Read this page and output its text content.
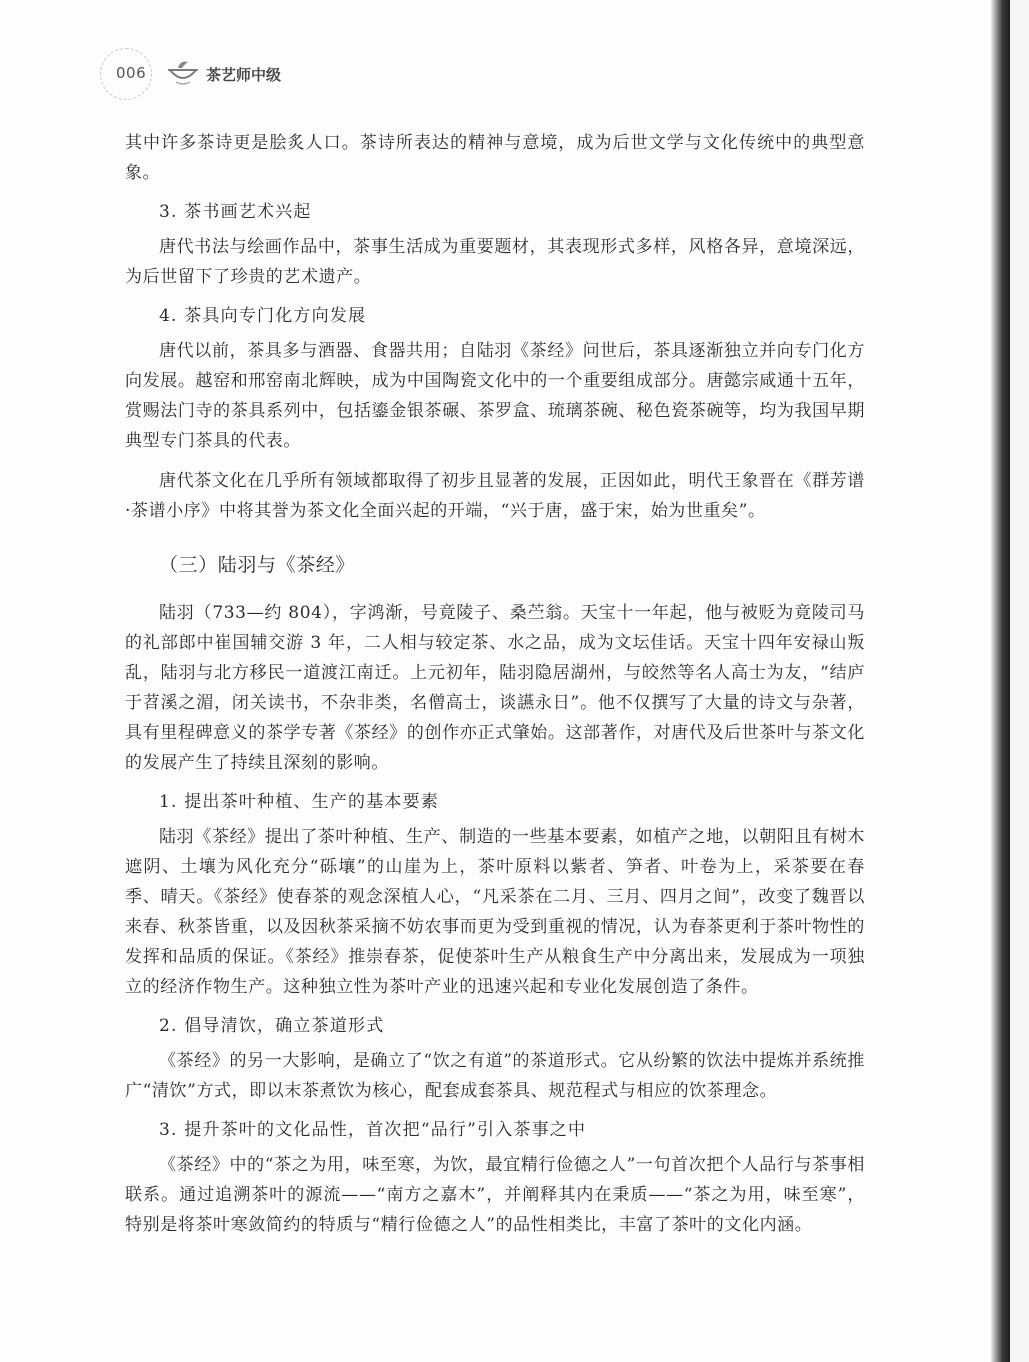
006	茶艺师中级

其中许多茶诗更是脍炙人口。茶诗所表达的精神与意境，成为后世文学与文化传统中的典型意象。

3. 茶书画艺术兴起

唐代书法与绘画作品中，茶事生活成为重要题材，其表现形式多样，风格各异，意境深远，为后世留下了珍贵的艺术遗产。

4. 茶具向专门化方向发展

唐代以前，茶具多与酒器、食器共用；自陆羽《茶经》问世后，茶具逐渐独立并向专门化方向发展。越窑和邢窑南北辉映，成为中国陶瓷文化中的一个重要组成部分。唐懿宗咸通十五年，赏赐法门寺的茶具系列中，包括鎏金银茶碾、茶罗盒、琉璃茶碗、秘色瓷茶碗等，均为我国早期典型专门茶具的代表。

唐代茶文化在几乎所有领域都取得了初步且显著的发展，正因如此，明代王象晋在《群芳谱·茶谱小序》中将其誉为茶文化全面兴起的开端，“兴于唐，盛于宋，始为世重矣”。

（三）陆羽与《茶经》

陆羽（733—约 804），字鸿渐，号竟陵子、桑苎翁。天宝十一年起，他与被贬为竟陵司马的礼部郎中崔国辅交游 3 年，二人相与较定茶、水之品，成为文坛佳话。天宝十四年安禄山叛乱，陆羽与北方移民一道渡江南迁。上元初年，陆羽隐居湖州，与皎然等名人高士为友，“结庐于苕溪之湄，闭关读书，不杂非类，名僧高士，谈讌永日”。他不仅撰写了大量的诗文与杂著，具有里程碑意义的茶学专著《茶经》的创作亦正式肇始。这部著作，对唐代及后世茶叶与茶文化的发展产生了持续且深刻的影响。

1. 提出茶叶种植、生产的基本要素

陆羽《茶经》提出了茶叶种植、生产、制造的一些基本要素，如植产之地，以朝阳且有树木遮阴、土壤为风化充分“砾壤”的山崖为上，茶叶原料以紫者、笋者、叶卷为上，采茶要在春季、晴天。《茶经》使春茶的观念深植人心，“凡采茶在二月、三月、四月之间”，改变了魏晋以来春、秋茶皆重，以及因秋茶采摘不妨农事而更为受到重视的情况，认为春茶更利于茶叶物性的发挥和品质的保证。《茶经》推崇春茶，促使茶叶生产从粮食生产中分离出来，发展成为一项独立的经济作物生产。这种独立性为茶叶产业的迅速兴起和专业化发展创造了条件。

2. 倡导清饮，确立茶道形式

《茶经》的另一大影响，是确立了“饮之有道”的茶道形式。它从纷繁的饮法中提炼并系统推广“清饮”方式，即以末茶煮饮为核心，配套成套茶具、规范程式与相应的饮茶理念。

3. 提升茶叶的文化品性，首次把“品行”引入茶事之中

《茶经》中的“茶之为用，味至寒，为饮，最宜精行俭德之人”一句首次把个人品行与茶事相联系。通过追溯茶叶的源流——“南方之嘉木”，并阐释其内在秉质——“茶之为用，味至寒”，特别是将茶叶寒敛简约的特质与“精行俭德之人”的品性相类比，丰富了茶叶的文化内涵。
